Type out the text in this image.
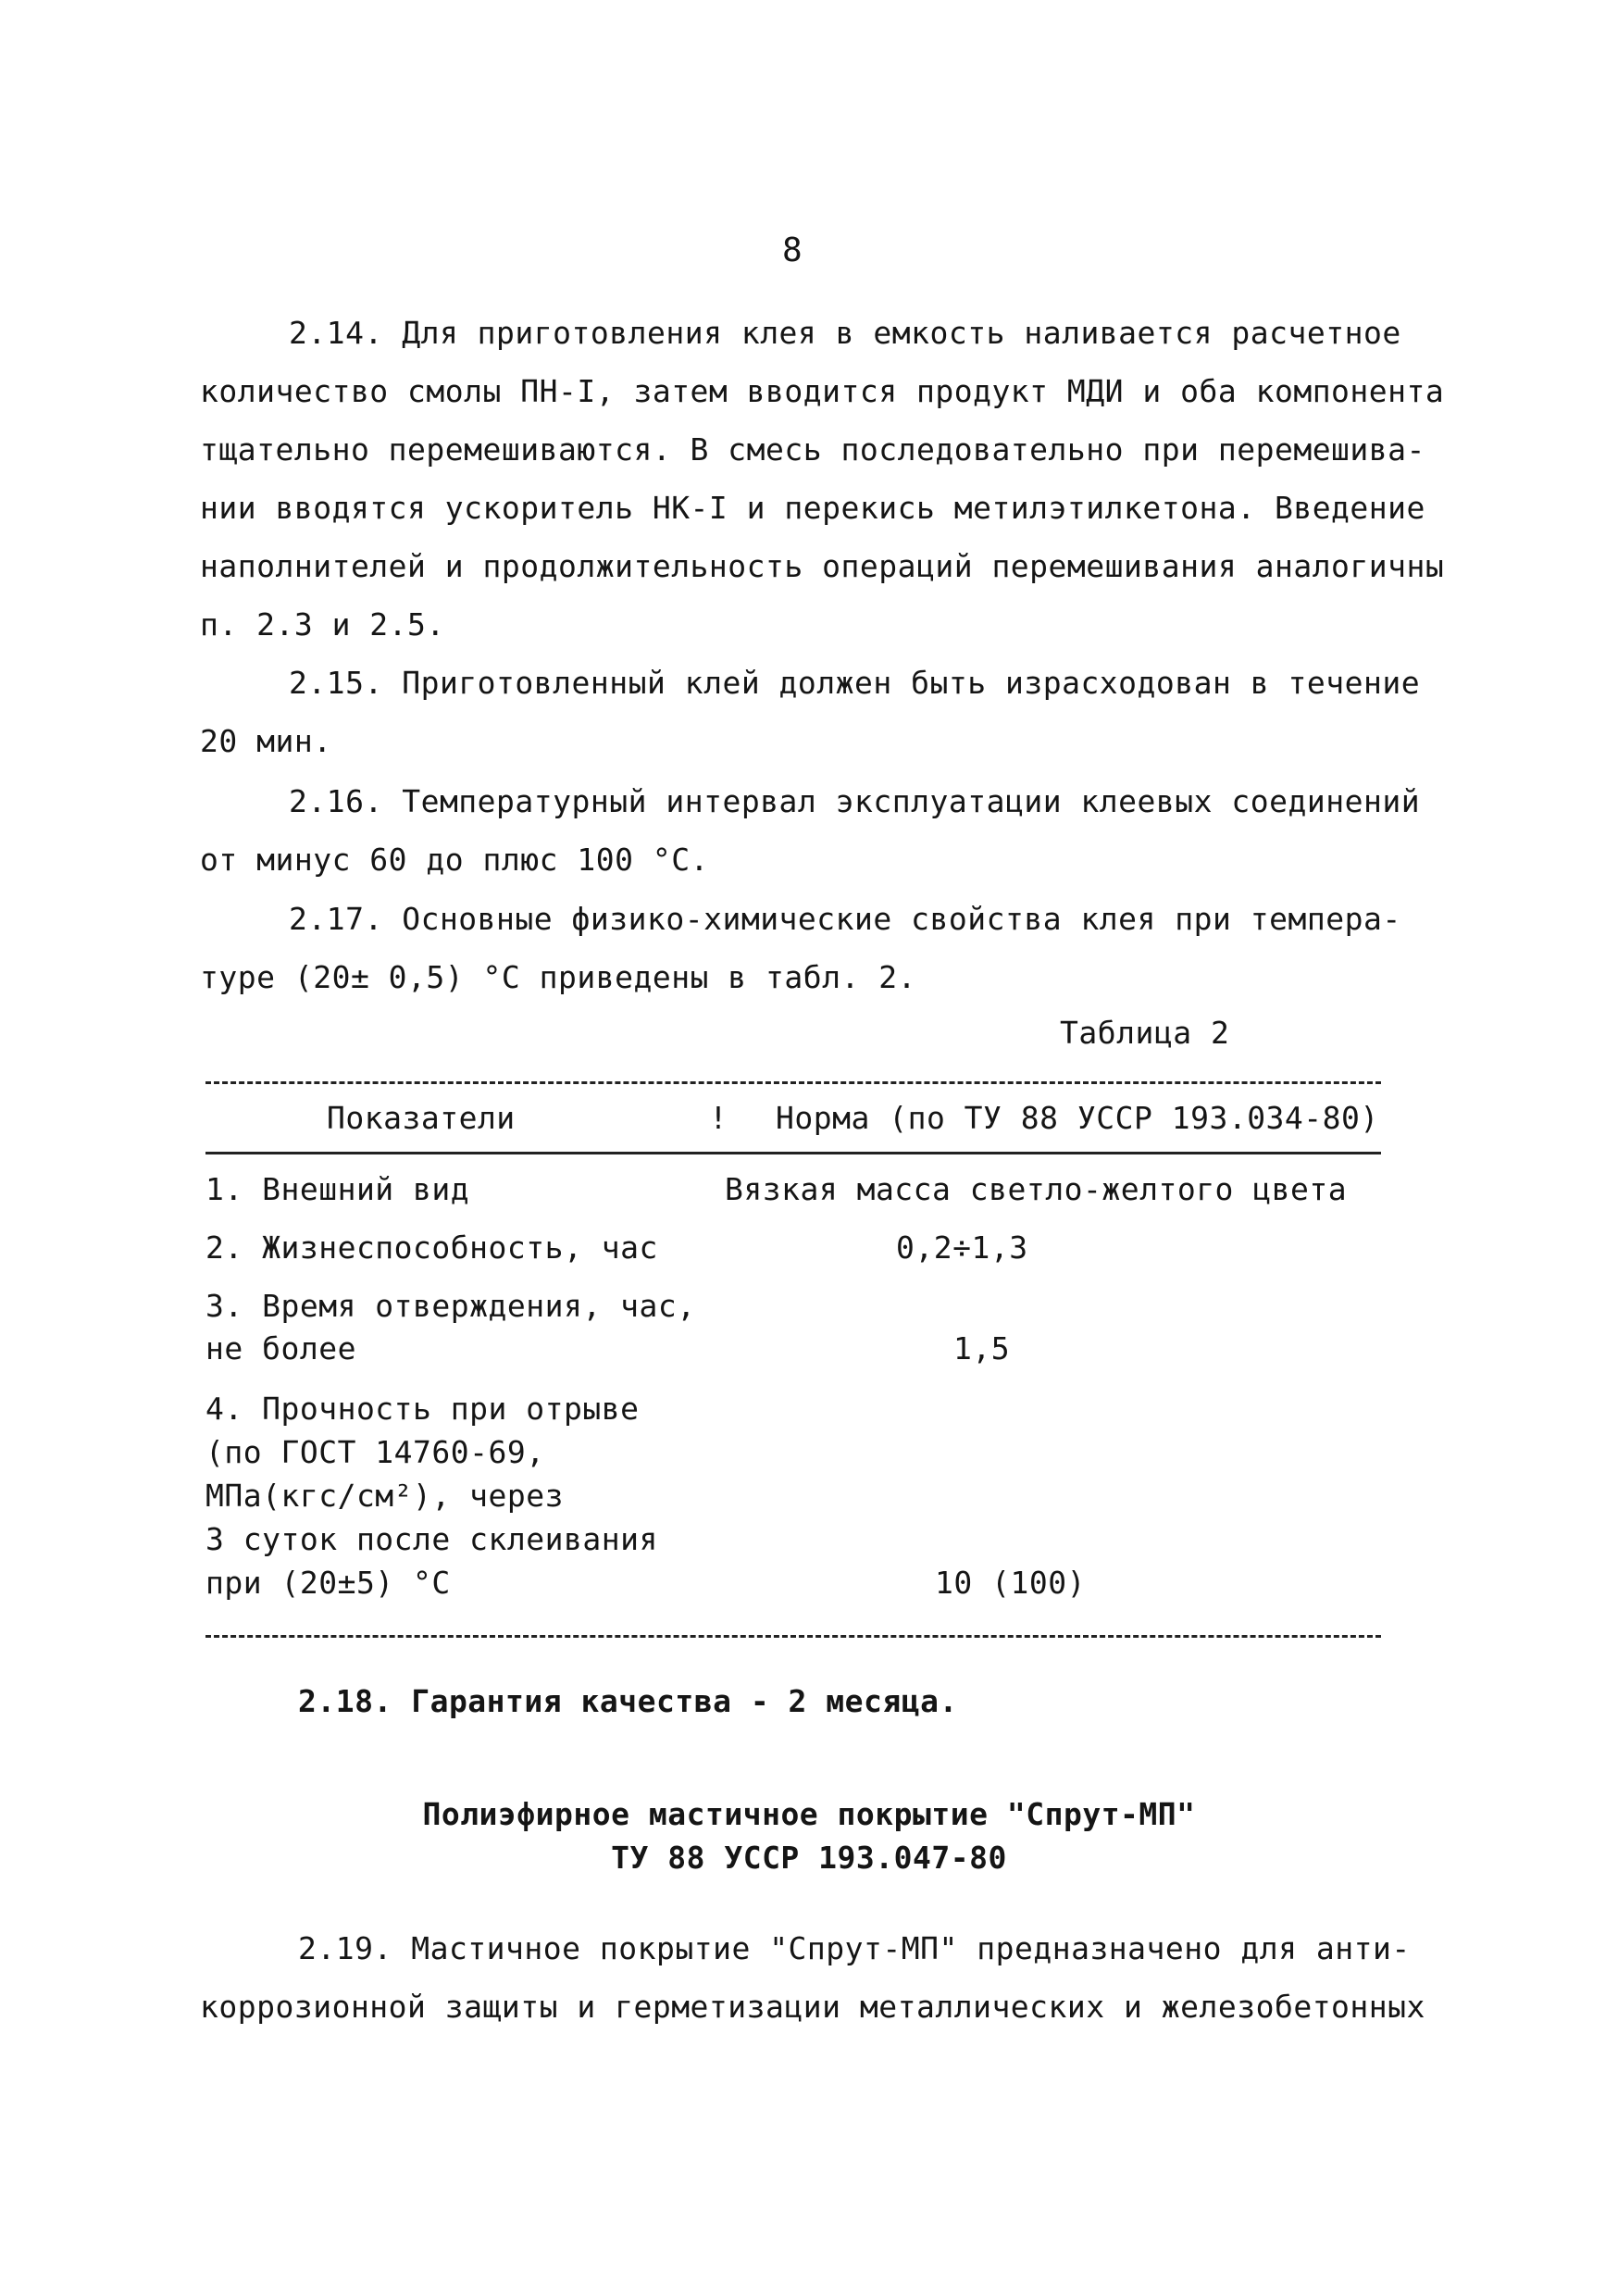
8
2.14. Для приготовления клея в емкость наливается расчетное
количество смолы ПН-I, затем вводится продукт МДИ и оба компонента
тщательно перемешиваются. В смесь последовательно при перемешива-
нии вводятся ускоритель НК-I и перекись метилэтилкетона. Введение
наполнителей и продолжительность операций перемешивания аналогичны
п. 2.3 и 2.5.
2.15. Приготовленный клей должен быть израсходован в течение
20 мин.
2.16. Температурный интервал эксплуатации клеевых соединений
от минус 60 до плюс 100 °С.
2.17. Основные физико-химические свойства клея при темпера-
туре (20± 0,5) °С приведены в табл. 2.
Таблица 2
Показатели	! Норма (по ТУ 88 УССР 193.034-80)
1. Внешний вид	Вязкая масса светло-желтого цвета
2. Жизнеспособность, час	0,2÷1,3
3. Время отверждения, час,
не более	1,5
4. Прочность при отрыве
(по ГОСТ 14760-69,
МПа(кгс/см²), через
3 суток после склеивания
при (20±5) °С	10 (100)
2.18. Гарантия качества - 2 месяца.
Полиэфирное мастичное покрытие "Спрут-МП"
ТУ 88 УССР 193.047-80
2.19. Мастичное покрытие "Спрут-МП" предназначено для анти-
коррозионной защиты и герметизации металлических и железобетонных
